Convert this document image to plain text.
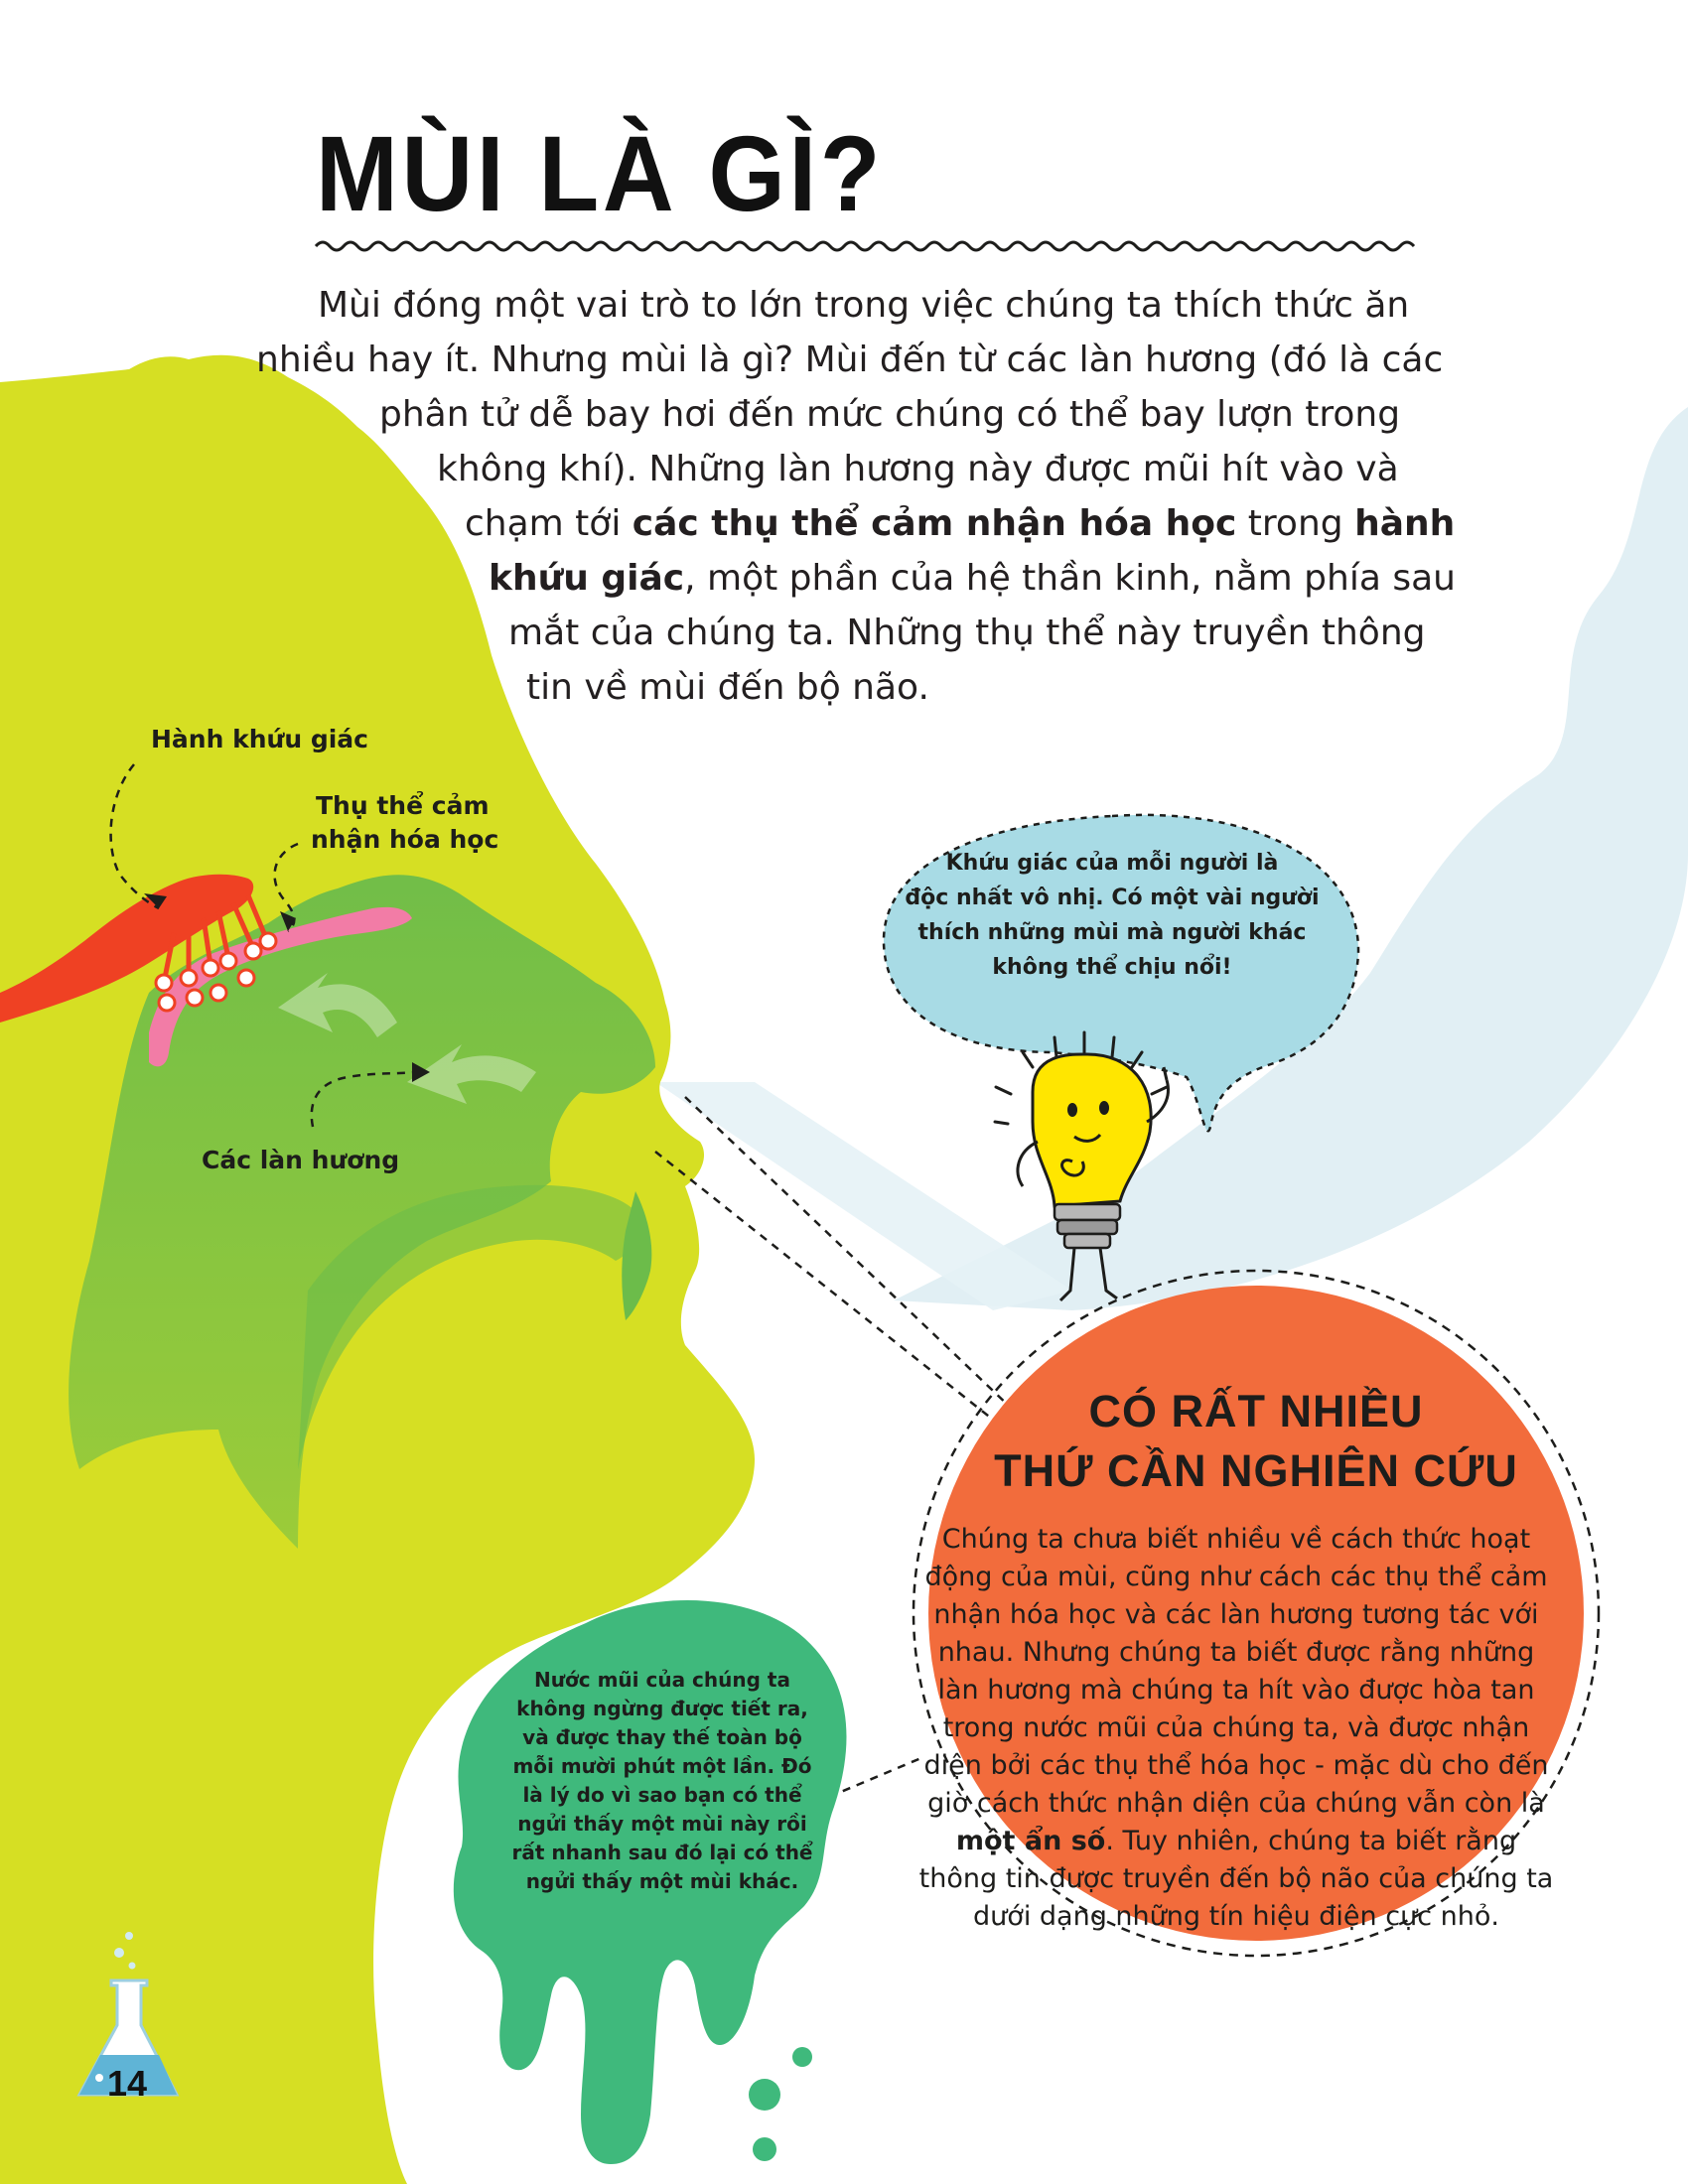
MÙI LÀ GÌ?
Mùi đóng một vai trò to lớn trong việc chúng ta thích thức ăn
nhiều hay ít. Nhưng mùi là gì? Mùi đến từ các làn hương (đó là các
phân tử dễ bay hơi đến mức chúng có thể bay lượn trong
không khí). Những làn hương này được mũi hít vào và
chạm tới các thụ thể cảm nhận hóa học trong hành
khứu giác, một phần của hệ thần kinh, nằm phía sau
mắt của chúng ta. Những thụ thể này truyền thông
tin về mùi đến bộ não.
Hành khứu giác
Thụ thể cảm
nhận hóa học
Các làn hương
Khứu giác của mỗi người là
độc nhất vô nhị. Có một vài người
thích những mùi mà người khác
không thể chịu nổi!
CÓ RẤT NHIỀU
THỨ CẦN NGHIÊN CỨU
Chúng ta chưa biết nhiều về cách thức hoạt động của mùi, cũng như cách các thụ thể cảm nhận hóa học và các làn hương tương tác với nhau. Nhưng chúng ta biết được rằng những làn hương mà chúng ta hít vào được hòa tan trong nước mũi của chúng ta, và được nhận diện bởi các thụ thể hóa học - mặc dù cho đến giờ cách thức nhận diện của chúng vẫn còn là một ẩn số. Tuy nhiên, chúng ta biết rằng thông tin được truyền đến bộ não của chúng ta dưới dạng những tín hiệu điện cực nhỏ.
Nước mũi của chúng ta không ngừng được tiết ra, và được thay thế toàn bộ mỗi mười phút một lần. Đó là lý do vì sao bạn có thể ngửi thấy một mùi này rồi rất nhanh sau đó lại có thể ngửi thấy một mùi khác.
14
